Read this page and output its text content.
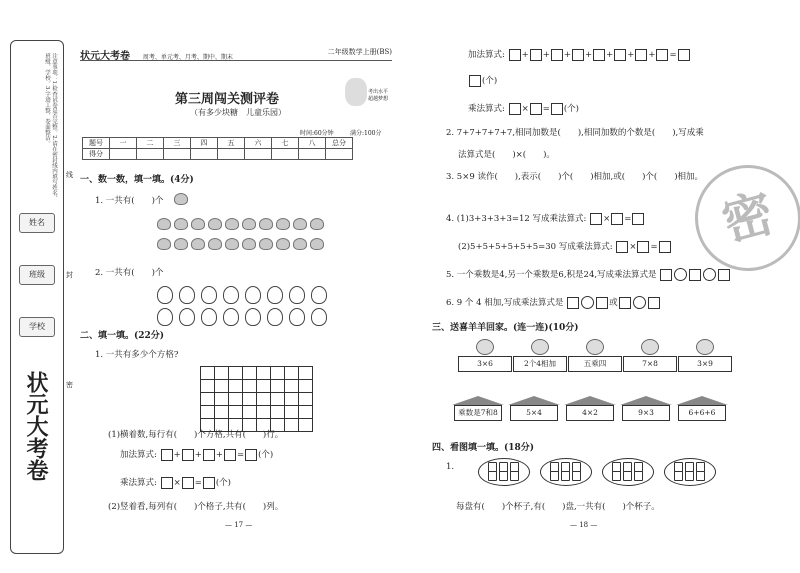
注意事项：1.检查试卷是否完整。2.请在密封线内填写姓名、班级、学校。3.字迹工整，卷面整洁。
姓名
班级
学校
状元大考卷
线
封
密
状元大考卷 周考、单元考、月考、期中、期末
二年级数学上册(BS)
第三周闯关测评卷
（有多少块糖　儿童乐园）
考出水平 超越梦想
时间:60分钟	满分:100分
题号	一	二	三	四	五	六	七	八	总分
得分									
一、数一数，填一填。(4分)
1. 一共有(　　)个
2. 一共有(　　)个
二、填一填。(22分)
1. 一共有多少个方格?
(1)横着数,每行有(　　)个方格,共有(　　)行。
加法算式: + + + = (个)
乘法算式: × = (个)
(2)竖着看,每列有(　　)个格子,共有(　　)列。
— 17 —
加法算式: + + + + + + + =
(个)
乘法算式: × = (个)
2. 7+7+7+7+7,相同加数是(　　),相同加数的个数是(　　),写成乘
法算式是(　　)×(　　)。
3. 5×9 读作(　　),表示(　　)个(　　)相加,或(　　)个(　　)相加。
4. (1)3+3+3+3=12 写成乘法算式: × =
(2)5+5+5+5+5+5=30 写成乘法算式: × =
5. 一个乘数是4,另一个乘数是6,积是24,写成乘法算式是
6. 9 个 4 相加,写成乘法算式是	或
三、送喜羊羊回家。(连一连)(10分)
3×6	2个4相加	五乘四	7×8	3×9
乘数是7和8	5×4	4×2	9×3	6+6+6
四、看图填一填。(18分)
1.
每盘有(　　)个杯子,有(　　)盘,一共有(　　)个杯子。
— 18 —
密
